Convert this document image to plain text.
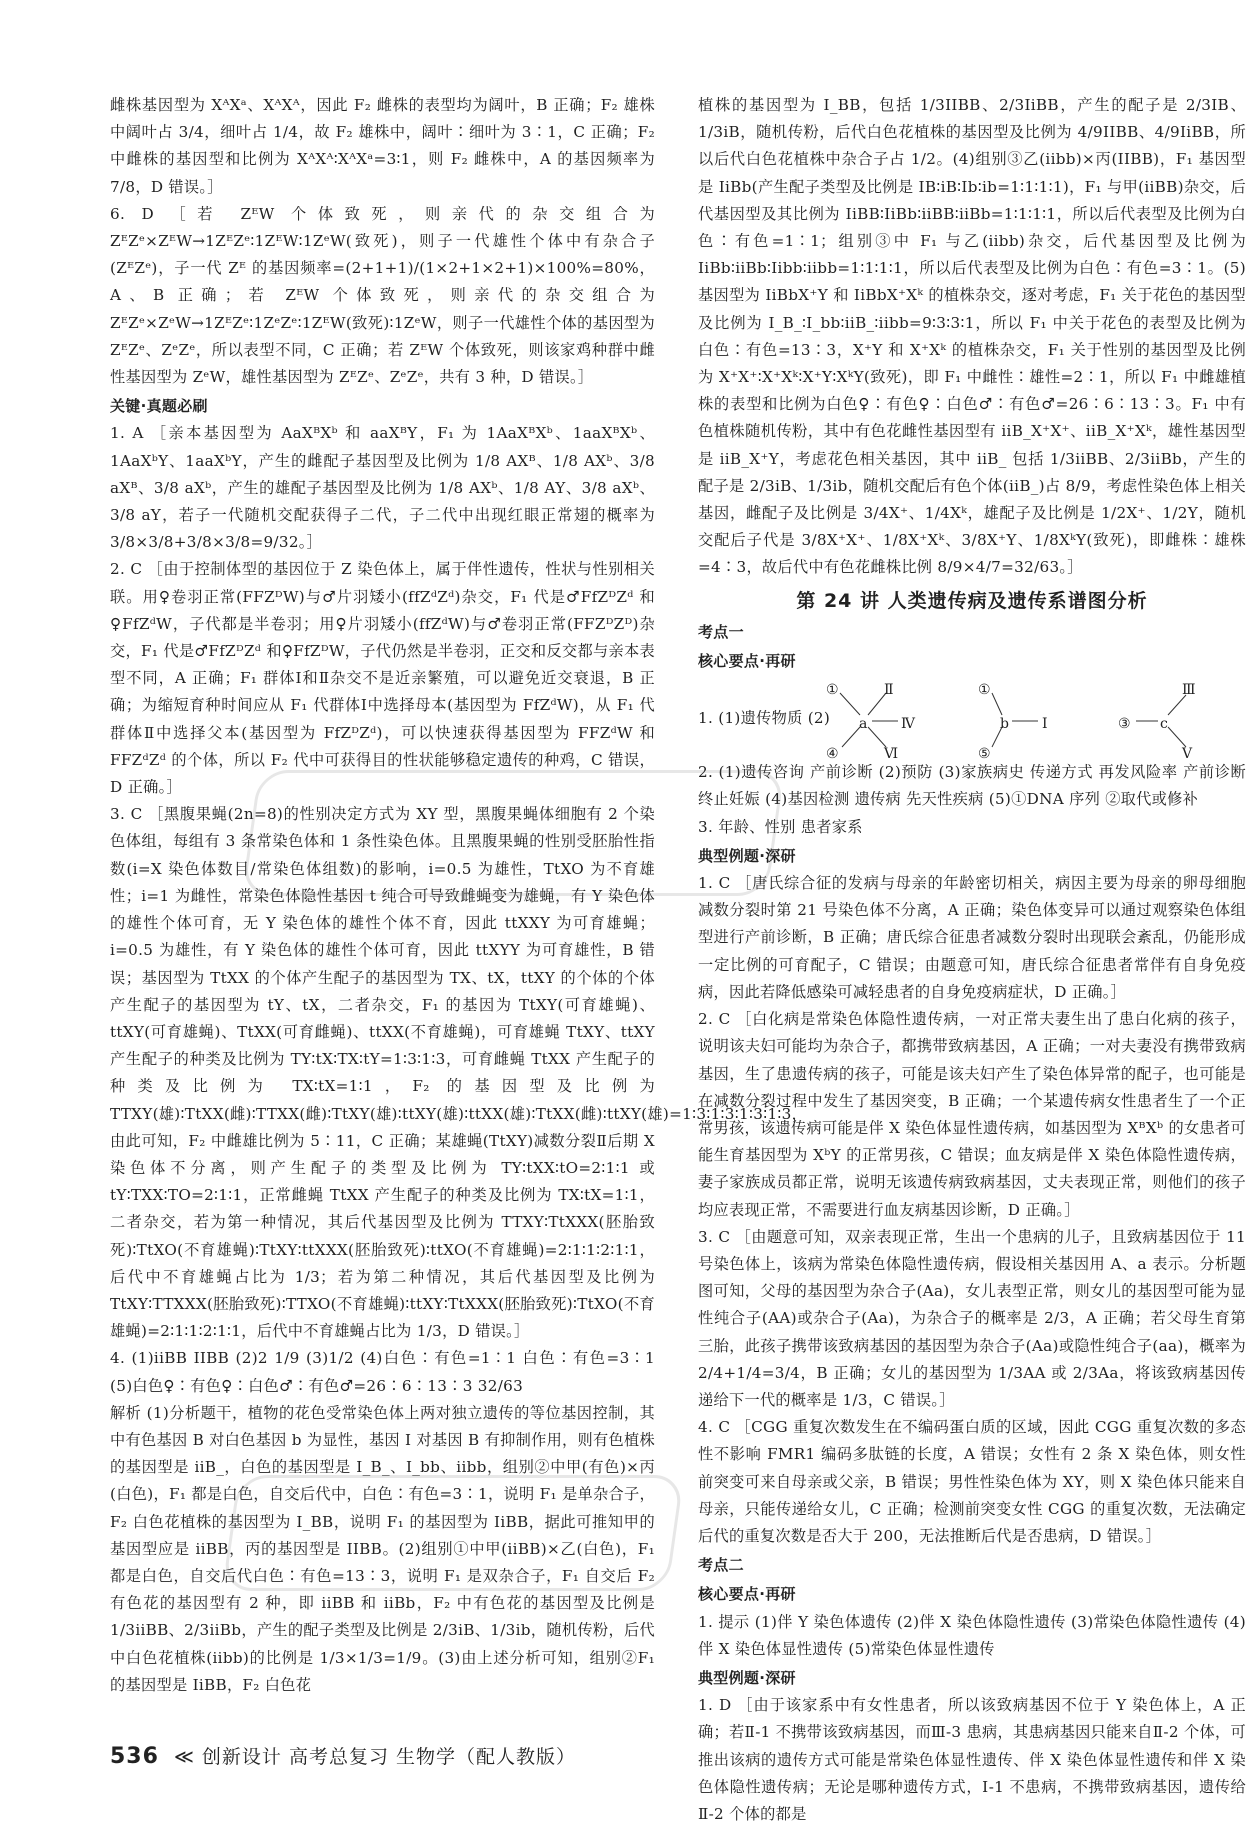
雌株基因型为 XᴬXᵃ、XᴬXᴬ，因此 F₂ 雌株的表型均为阔叶，B 正确；F₂ 雄株中阔叶占 3/4，细叶占 1/4，故 F₂ 雄株中，阔叶∶细叶为 3∶1，C 正确；F₂ 中雌株的基因型和比例为 XᴬXᴬ∶XᴬXᵃ=3∶1，则 F₂ 雌株中，A 的基因频率为 7/8，D 错误。］

6. D ［若 ZᴱW 个体致死，则亲代的杂交组合为 ZᴱZᵉ×ZᴱW→1ZᴱZᵉ∶1ZᴱW∶1ZᵉW(致死)，则子一代雄性个体中有杂合子(ZᴱZᵉ)，子一代 Zᴱ 的基因频率=(2+1+1)/(1×2+1×2+1)×100%=80%，A、B 正确；若 ZᴱW 个体致死，则亲代的杂交组合为 ZᴱZᵉ×ZᵉW→1ZᴱZᵉ∶1ZᵉZᵉ∶1ZᴱW(致死)∶1ZᵉW，则子一代雄性个体的基因型为 ZᴱZᵉ、ZᵉZᵉ，所以表型不同，C 正确；若 ZᴱW 个体致死，则该家鸡种群中雌性基因型为 ZᵉW，雄性基因型为 ZᴱZᵉ、ZᵉZᵉ，共有 3 种，D 错误。］

关键·真题必刷

1. A ［亲本基因型为 AaXᴮXᵇ 和 aaXᴮY，F₁ 为 1AaXᴮXᵇ、1aaXᴮXᵇ、1AaXᵇY、1aaXᵇY，产生的雌配子基因型及比例为 1/8 AXᴮ、1/8 AXᵇ、3/8 aXᴮ、3/8 aXᵇ，产生的雄配子基因型及比例为 1/8 AXᵇ、1/8 AY、3/8 aXᵇ、3/8 aY，若子一代随机交配获得子二代，子二代中出现红眼正常翅的概率为 3/8×3/8+3/8×3/8=9/32。］

2. C ［由于控制体型的基因位于 Z 染色体上，属于伴性遗传，性状与性别相关联。用♀卷羽正常(FFZᴰW)与♂片羽矮小(ffZᵈZᵈ)杂交，F₁ 代是♂FfZᴰZᵈ 和♀FfZᵈW，子代都是半卷羽；用♀片羽矮小(ffZᵈW)与♂卷羽正常(FFZᴰZᴰ)杂交，F₁ 代是♂FfZᴰZᵈ 和♀FfZᴰW，子代仍然是半卷羽，正交和反交都与亲本表型不同，A 正确；F₁ 群体Ⅰ和Ⅱ杂交不是近亲繁殖，可以避免近交衰退，B 正确；为缩短育种时间应从 F₁ 代群体Ⅰ中选择母本(基因型为 FfZᵈW)，从 F₁ 代群体Ⅱ中选择父本(基因型为 FfZᴰZᵈ)，可以快速获得基因型为 FFZᵈW 和 FFZᵈZᵈ 的个体，所以 F₂ 代中可获得目的性状能够稳定遗传的种鸡，C 错误，D 正确。］

3. C ［黑腹果蝇(2n=8)的性别决定方式为 XY 型，黑腹果蝇体细胞有 2 个染色体组，每组有 3 条常染色体和 1 条性染色体。且黑腹果蝇的性别受胚胎性指数(i=X 染色体数目/常染色体组数)的影响，i=0.5 为雄性，TtXO 为不育雄性；i=1 为雌性，常染色体隐性基因 t 纯合可导致雌蝇变为雄蝇，有 Y 染色体的雄性个体可育，无 Y 染色体的雄性个体不育，因此 ttXXY 为可育雄蝇；i=0.5 为雄性，有 Y 染色体的雄性个体可育，因此 ttXYY 为可育雄性，B 错误；基因型为 TtXX 的个体产生配子的基因型为 TX、tX，ttXY 的个体的个体产生配子的基因型为 tY、tX，二者杂交，F₁ 的基因为 TtXY(可育雄蝇)、ttXY(可育雄蝇)、TtXX(可育雌蝇)、ttXX(不育雄蝇)，可育雄蝇 TtXY、ttXY 产生配子的种类及比例为 TY∶tX∶TX∶tY=1∶3∶1∶3，可育雌蝇 TtXX 产生配子的种类及比例为 TX∶tX=1∶1，F₂ 的基因型及比例为 TTXY(雄)∶TtXX(雌)∶TTXX(雌)∶TtXY(雄)∶ttXY(雄)∶ttXX(雄)∶TtXX(雌)∶ttXY(雄)=1∶3∶1∶3∶1∶3∶1∶3，由此可知，F₂ 中雌雄比例为 5∶11，C 正确；某雄蝇(TtXY)减数分裂Ⅱ后期 X 染色体不分离，则产生配子的类型及比例为 TY∶tXX∶tO=2∶1∶1 或 tY∶TXX∶TO=2∶1∶1，正常雌蝇 TtXX 产生配子的种类及比例为 TX∶tX=1∶1，二者杂交，若为第一种情况，其后代基因型及比例为 TTXY∶TtXXX(胚胎致死)∶TtXO(不育雄蝇)∶TtXY∶ttXXX(胚胎致死)∶ttXO(不育雄蝇)=2∶1∶1∶2∶1∶1，后代中不育雄蝇占比为 1/3；若为第二种情况，其后代基因型及比例为 TtXY∶TTXXX(胚胎致死)∶TTXO(不育雄蝇)∶ttXY∶TtXXX(胚胎致死)∶TtXO(不育雄蝇)=2∶1∶1∶2∶1∶1，后代中不育雄蝇占比为 1/3，D 错误。］

4. (1)iiBB IIBB (2)2 1/9 (3)1/2 (4)白色∶有色=1∶1 白色∶有色=3∶1 (5)白色♀∶有色♀∶白色♂∶有色♂=26∶6∶13∶3 32/63

解析 (1)分析题干，植物的花色受常染色体上两对独立遗传的等位基因控制，其中有色基因 B 对白色基因 b 为显性，基因 I 对基因 B 有抑制作用，则有色植株的基因型是 iiB_，白色的基因型是 I_B_、I_bb、iibb，组别②中甲(有色)×丙(白色)，F₁ 都是白色，自交后代中，白色∶有色=3∶1，说明 F₁ 是单杂合子，F₂ 白色花植株的基因型为 I_BB，说明 F₁ 的基因型为 IiBB，据此可推知甲的基因型应是 iiBB，丙的基因型是 IIBB。(2)组别①中甲(iiBB)×乙(白色)，F₁ 都是白色，自交后代白色∶有色=13∶3，说明 F₁ 是双杂合子，F₁ 自交后 F₂ 有色花的基因型有 2 种，即 iiBB 和 iiBb，F₂ 中有色花的基因型及比例是 1/3iiBB、2/3iiBb，产生的配子类型及比例是 2/3iB、1/3ib，随机传粉，后代中白色花植株(iibb)的比例是 1/3×1/3=1/9。(3)由上述分析可知，组别②F₁ 的基因型是 IiBB，F₂ 白色花

植株的基因型为 I_BB，包括 1/3IIBB、2/3IiBB，产生的配子是 2/3IB、1/3iB，随机传粉，后代白色花植株的基因型及比例为 4/9IIBB、4/9IiBB，所以后代白色花植株中杂合子占 1/2。(4)组别③乙(iibb)×丙(IIBB)，F₁ 基因型是 IiBb(产生配子类型及比例是 IB∶iB∶Ib∶ib=1∶1∶1∶1)，F₁ 与甲(iiBB)杂交，后代基因型及其比例为 IiBB∶IiBb∶iiBB∶iiBb=1∶1∶1∶1，所以后代表型及比例为白色∶有色=1∶1；组别③中 F₁ 与乙(iibb)杂交，后代基因型及比例为 IiBb∶iiBb∶Iibb∶iibb=1∶1∶1∶1，所以后代表型及比例为白色∶有色=3∶1。(5)基因型为 IiBbX⁺Y 和 IiBbX⁺Xᵏ 的植株杂交，逐对考虑，F₁ 关于花色的基因型及比例为 I_B_∶I_bb∶iiB_∶iibb=9∶3∶3∶1，所以 F₁ 中关于花色的表型及比例为白色∶有色=13∶3，X⁺Y 和 X⁺Xᵏ 的植株杂交，F₁ 关于性别的基因型及比例为 X⁺X⁺∶X⁺Xᵏ∶X⁺Y∶XᵏY(致死)，即 F₁ 中雌性∶雄性=2∶1，所以 F₁ 中雌雄植株的表型和比例为白色♀∶有色♀∶白色♂∶有色♂=26∶6∶13∶3。F₁ 中有色植株随机传粉，其中有色花雌性基因型有 iiB_X⁺X⁺、iiB_X⁺Xᵏ，雄性基因型是 iiB_X⁺Y，考虑花色相关基因，其中 iiB_ 包括 1/3iiBB、2/3iiBb，产生的配子是 2/3iB、1/3ib，随机交配后有色个体(iiB_)占 8/9，考虑性染色体上相关基因，雌配子及比例是 3/4X⁺、1/4Xᵏ，雄配子及比例是 1/2X⁺、1/2Y，随机交配后子代是 3/8X⁺X⁺、1/8X⁺Xᵏ、3/8X⁺Y、1/8XᵏY(致死)，即雌株∶雄株=4∶3，故后代中有色花雌株比例 8/9×4/7=32/63。］

第 24 讲 人类遗传病及遗传系谱图分析

考点一

核心要点·再研

1. (1)遗传物质 (2)
①	Ⅱ
a Ⅳ
④	Ⅵ
①
b Ⅰ
⑤
③ c
Ⅲ
Ⅴ

2. (1)遗传咨询 产前诊断 (2)预防 (3)家族病史 传递方式 再发风险率 产前诊断 终止妊娠 (4)基因检测 遗传病 先天性疾病 (5)①DNA 序列 ②取代或修补

3. 年龄、性别 患者家系

典型例题·深研

1. C ［唐氏综合征的发病与母亲的年龄密切相关，病因主要为母亲的卵母细胞减数分裂时第 21 号染色体不分离，A 正确；染色体变异可以通过观察染色体组型进行产前诊断，B 正确；唐氏综合征患者减数分裂时出现联会紊乱，仍能形成一定比例的可育配子，C 错误；由题意可知，唐氏综合征患者常伴有自身免疫病，因此若降低感染可减轻患者的自身免疫病症状，D 正确。］

2. C ［白化病是常染色体隐性遗传病，一对正常夫妻生出了患白化病的孩子，说明该夫妇可能均为杂合子，都携带致病基因，A 正确；一对夫妻没有携带致病基因，生了患遗传病的孩子，可能是该夫妇产生了染色体异常的配子，也可能是在减数分裂过程中发生了基因突变，B 正确；一个某遗传病女性患者生了一个正常男孩，该遗传病可能是伴 X 染色体显性遗传病，如基因型为 XᴮXᵇ 的女患者可能生育基因型为 XᵇY 的正常男孩，C 错误；血友病是伴 X 染色体隐性遗传病，妻子家族成员都正常，说明无该遗传病致病基因，丈夫表现正常，则他们的孩子均应表现正常，不需要进行血友病基因诊断，D 正确。］

3. C ［由题意可知，双亲表现正常，生出一个患病的儿子，且致病基因位于 11 号染色体上，该病为常染色体隐性遗传病，假设相关基因用 A、a 表示。分析题图可知，父母的基因型为杂合子(Aa)，女儿表型正常，则女儿的基因型可能为显性纯合子(AA)或杂合子(Aa)，为杂合子的概率是 2/3，A 正确；若父母生育第三胎，此孩子携带该致病基因的基因型为杂合子(Aa)或隐性纯合子(aa)，概率为 2/4+1/4=3/4，B 正确；女儿的基因型为 1/3AA 或 2/3Aa，将该致病基因传递给下一代的概率是 1/3，C 错误。］

4. C ［CGG 重复次数发生在不编码蛋白质的区域，因此 CGG 重复次数的多态性不影响 FMR1 编码多肽链的长度，A 错误；女性有 2 条 X 染色体，则女性前突变可来自母亲或父亲，B 错误；男性性染色体为 XY，则 X 染色体只能来自母亲，只能传递给女儿，C 正确；检测前突变女性 CGG 的重复次数，无法确定后代的重复次数是否大于 200，无法推断后代是否患病，D 错误。］

考点二

核心要点·再研

1. 提示 (1)伴 Y 染色体遗传 (2)伴 X 染色体隐性遗传 (3)常染色体隐性遗传 (4)伴 X 染色体显性遗传 (5)常染色体显性遗传

典型例题·深研

1. D ［由于该家系中有女性患者，所以该致病基因不位于 Y 染色体上，A 正确；若Ⅱ-1 不携带该致病基因，而Ⅲ-3 患病，其患病基因只能来自Ⅱ-2 个体，可推出该病的遗传方式可能是常染色体显性遗传、伴 X 染色体显性遗传和伴 X 染色体隐性遗传病；无论是哪种遗传方式，Ⅰ-1 不患病，不携带致病基因，遗传给Ⅱ-2 个体的都是

536 ≪ 创新设计 高考总复习 生物学（配人教版）
